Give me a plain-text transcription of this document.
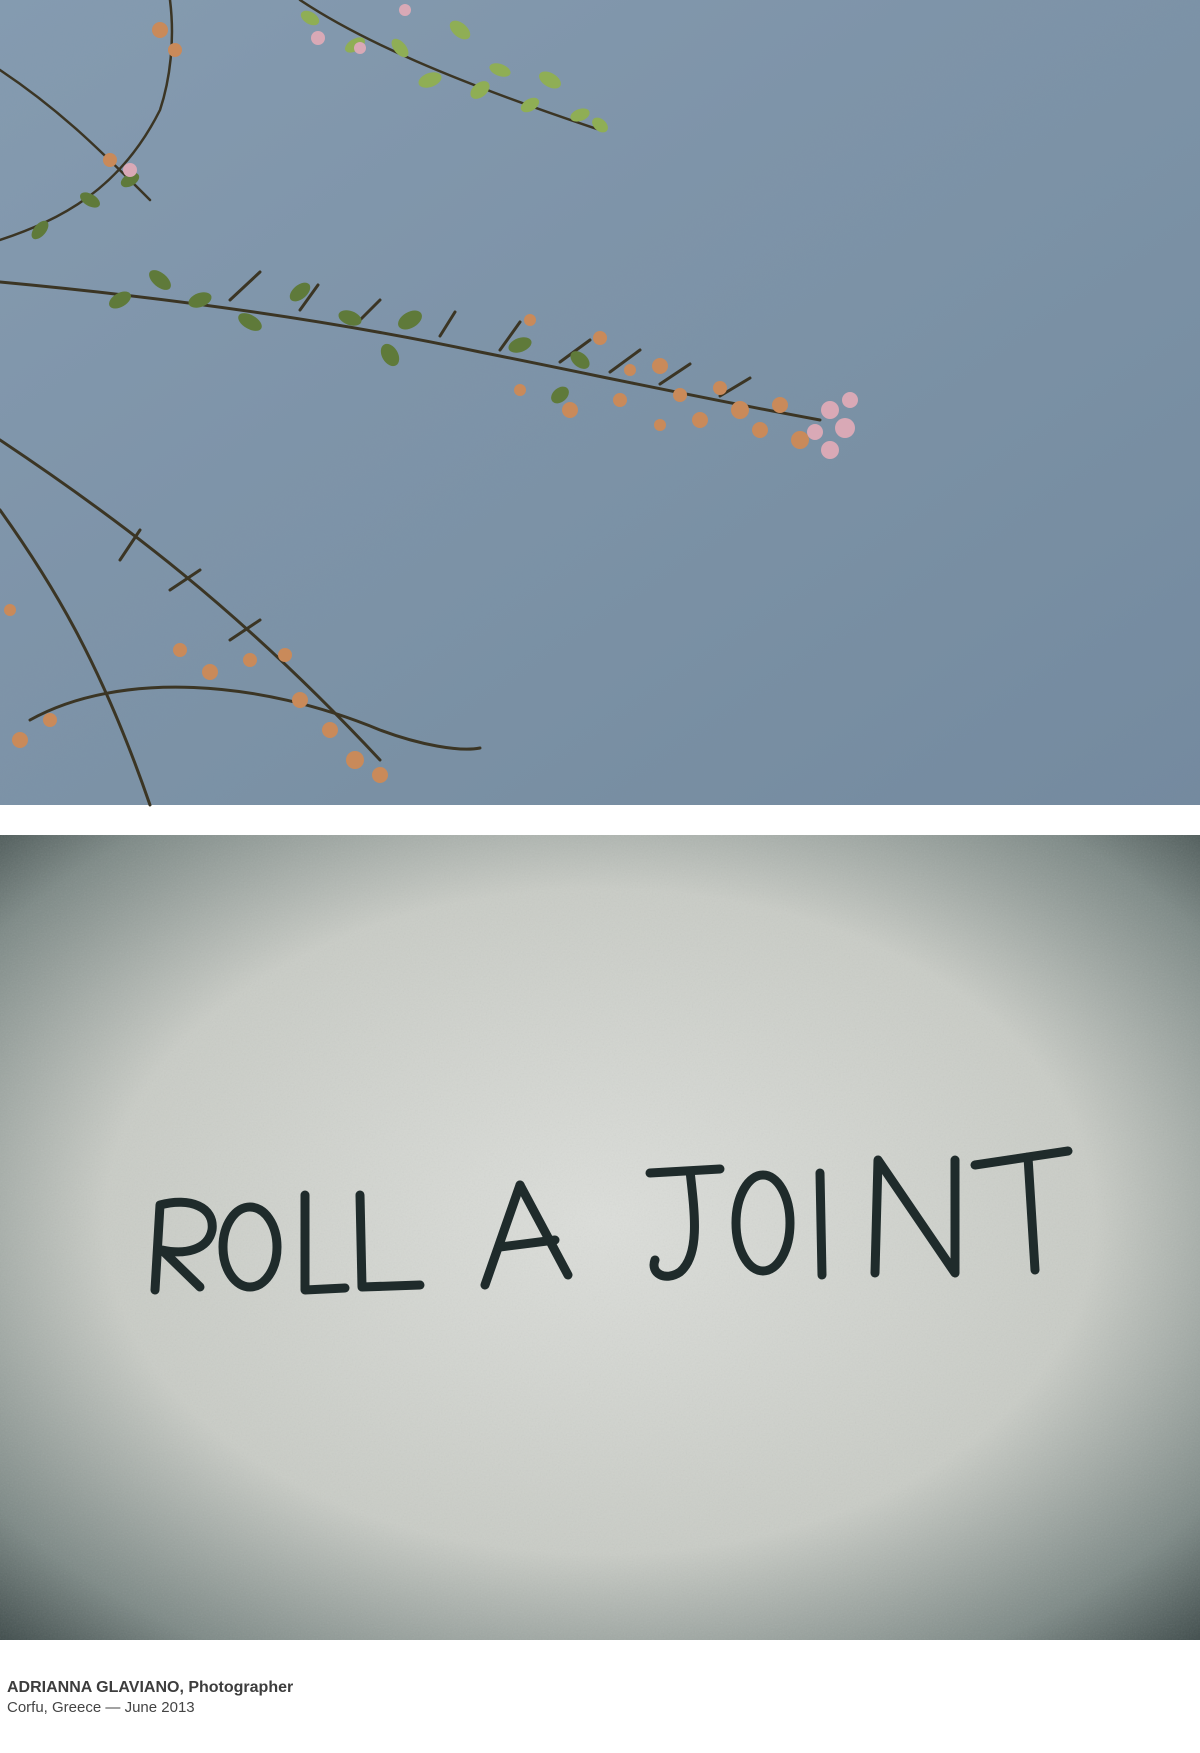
ROLL A JOINT
ADRIANNA GLAVIANO, Photographer
Corfu, Greece — June 2013
